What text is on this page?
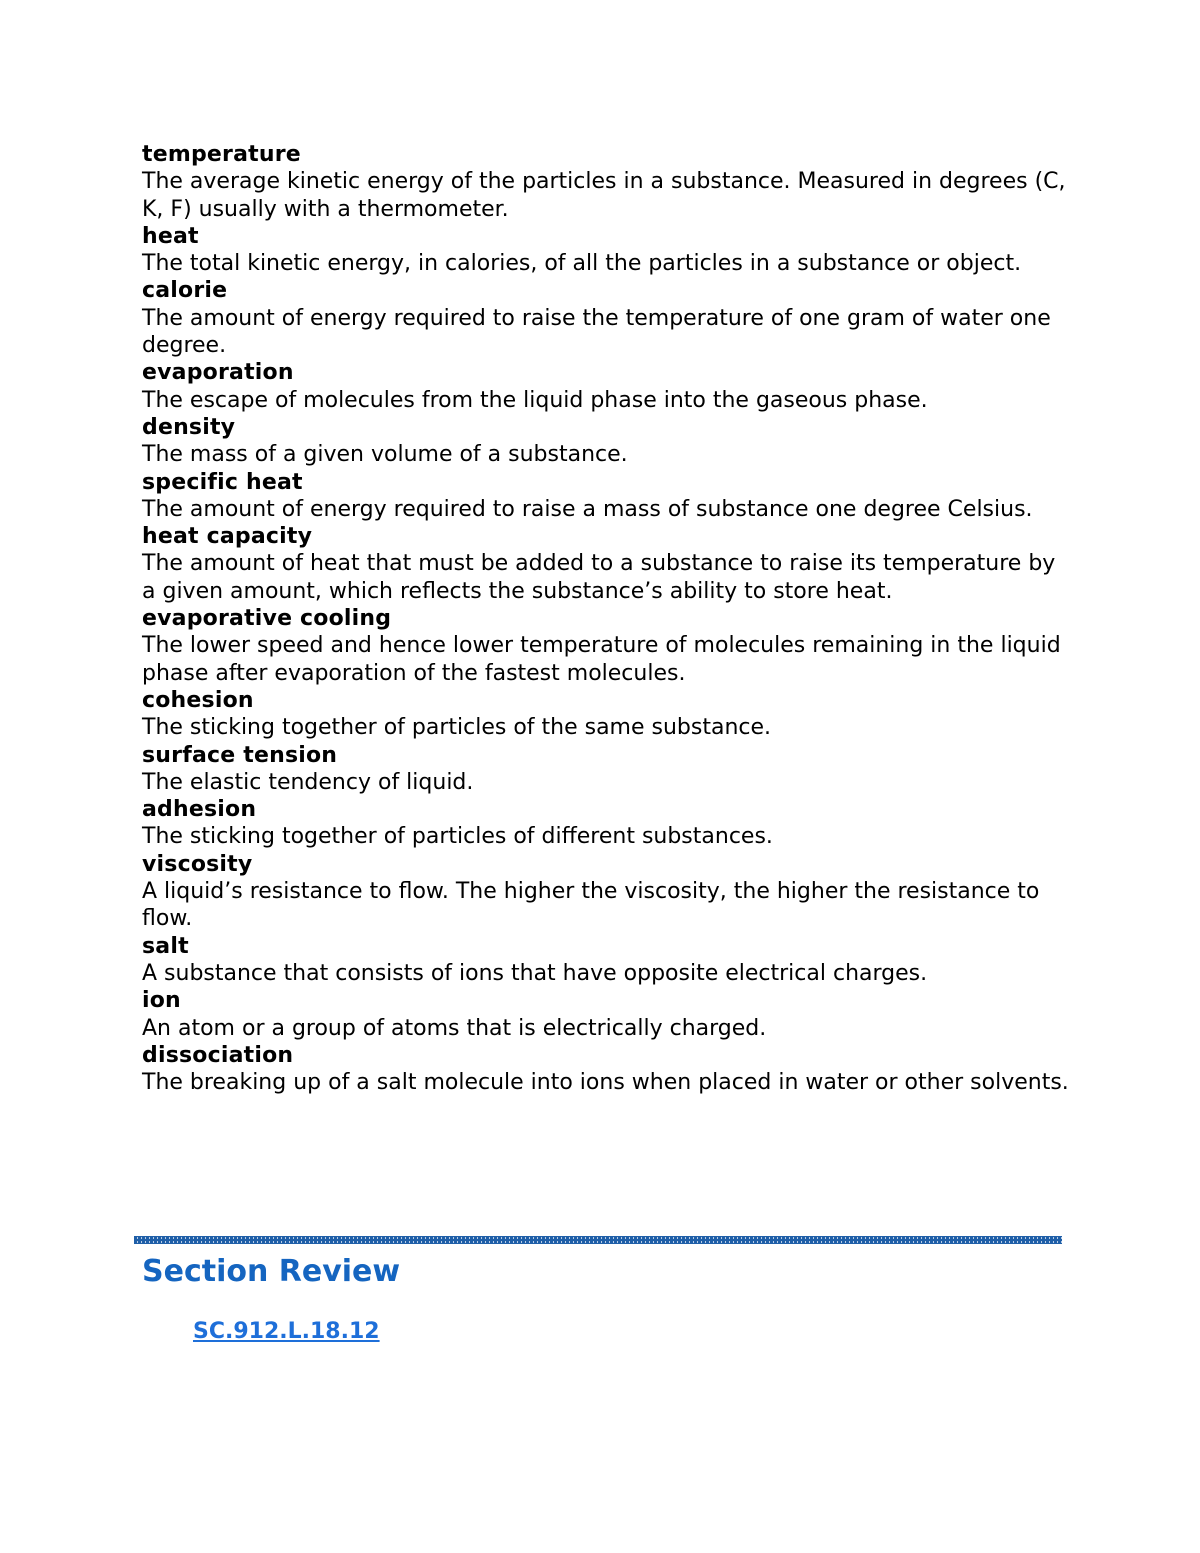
temperature

The average kinetic energy of the particles in a substance. Measured in degrees (C, K, F) usually with a thermometer.

heat

The total kinetic energy, in calories, of all the particles in a substance or object.

calorie

The amount of energy required to raise the temperature of one gram of water one degree.

evaporation

The escape of molecules from the liquid phase into the gaseous phase.

density

The mass of a given volume of a substance.

specific heat

The amount of energy required to raise a mass of substance one degree Celsius.

heat capacity

The amount of heat that must be added to a substance to raise its temperature by a given amount, which reflects the substance’s ability to store heat.

evaporative cooling

The lower speed and hence lower temperature of molecules remaining in the liquid phase after evaporation of the fastest molecules.

cohesion

The sticking together of particles of the same substance.

surface tension

The elastic tendency of liquid.

adhesion

The sticking together of particles of different substances.

viscosity

A liquid’s resistance to flow. The higher the viscosity, the higher the resistance to flow.

salt

A substance that consists of ions that have opposite electrical charges.

ion

An atom or a group of atoms that is electrically charged.

dissociation

The breaking up of a salt molecule into ions when placed in water or other solvents.

Section Review
SC.912.L.18.12
